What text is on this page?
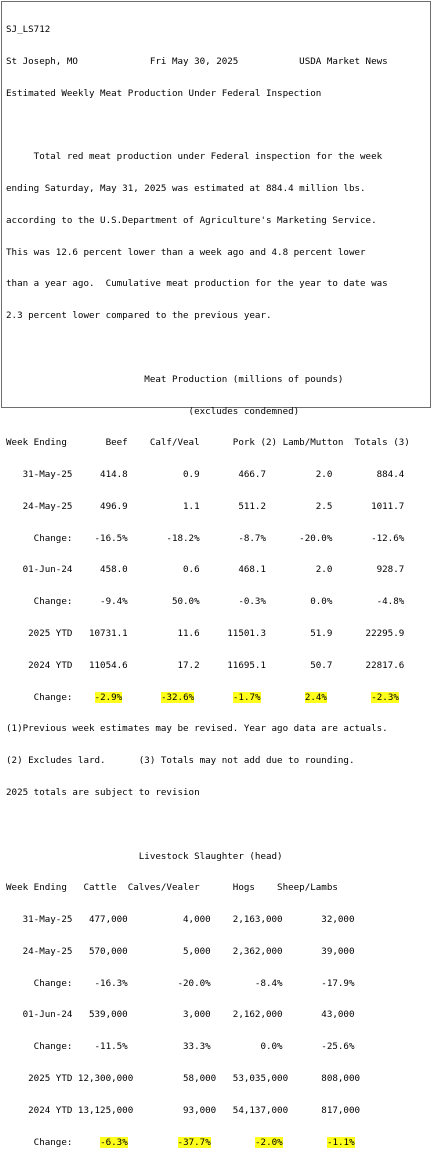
SJ_LS712

St Joseph, MO             Fri May 30, 2025           USDA Market News

Estimated Weekly Meat Production Under Federal Inspection

Total red meat production under Federal inspection for the week

ending Saturday, May 31, 2025 was estimated at 884.4 million lbs.

according to the U.S.Department of Agriculture's Marketing Service.

This was 12.6 percent lower than a week ago and 4.8 percent lower

than a year ago.  Cumulative meat production for the year to date was

2.3 percent lower compared to the previous year.

Meat Production (millions of pounds)

(excludes condemned)

Week Ending       Beef    Calf/Veal      Pork (2) Lamb/Mutton  Totals (3)

31-May-25     414.8          0.9       466.7         2.0        884.4

24-May-25     496.9          1.1       511.2         2.5       1011.7

Change:    -16.5%       -18.2%       -8.7%      -20.0%       -12.6%

01-Jun-24     458.0          0.6       468.1         2.0        928.7

Change:     -9.4%        50.0%       -0.3%        0.0%        -4.8%

2025 YTD   10731.1         11.6     11501.3        51.9      22295.9

2024 YTD   11054.6         17.2     11695.1        50.7      22817.6

Change: -2.9%	-32.6%	-1.7%	2.4%	-2.3%

(1)Previous week estimates may be revised. Year ago data are actuals.

(2) Excludes lard.      (3) Totals may not add due to rounding.

2025 totals are subject to revision

Livestock Slaughter (head)

Week Ending   Cattle  Calves/Vealer      Hogs    Sheep/Lambs

31-May-25   477,000          4,000    2,163,000       32,000

24-May-25   570,000          5,000    2,362,000       39,000

Change:    -16.3%         -20.0%        -8.4%       -17.9%

01-Jun-24   539,000          3,000    2,162,000       43,000

Change:    -11.5%          33.3%         0.0%       -25.6%

2025 YTD 12,300,000         58,000   53,035,000      808,000

2024 YTD 13,125,000         93,000   54,137,000      817,000

Change:	-6.3%	-37.7%	-2.0%	-1.1%
